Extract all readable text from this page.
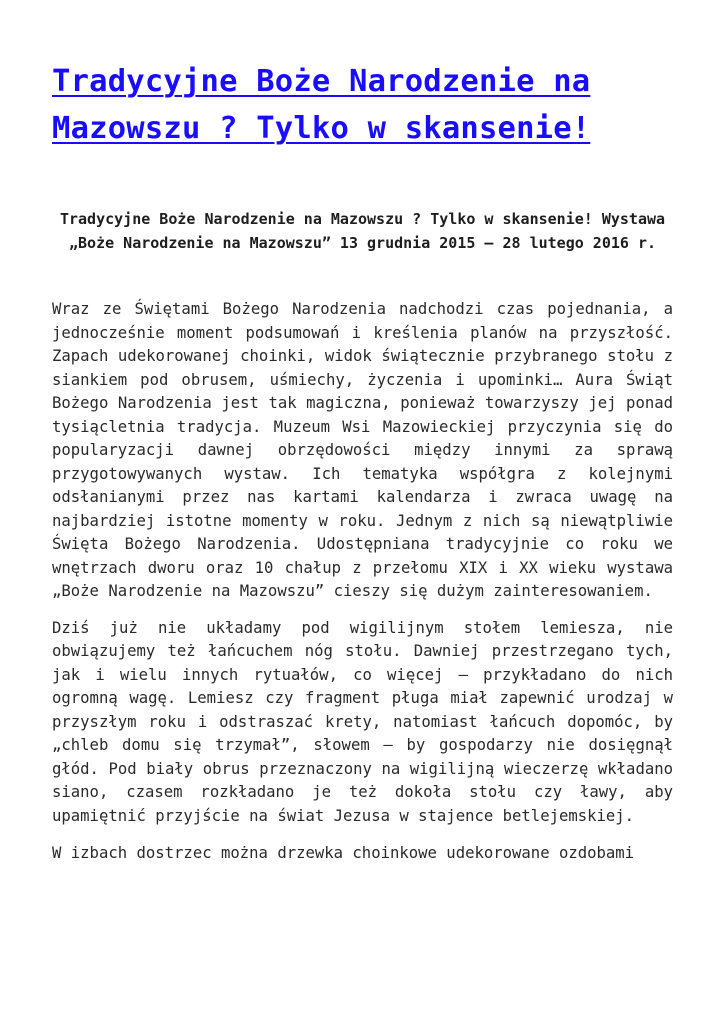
Tradycyjne Boże Narodzenie na Mazowszu ? Tylko w skansenie!
Tradycyjne Boże Narodzenie na Mazowszu ? Tylko w skansenie! Wystawa „Boże Narodzenie na Mazowszu” 13 grudnia 2015 – 28 lutego 2016 r.

Wraz ze Świętami Bożego Narodzenia nadchodzi czas pojednania, a jednocześnie moment podsumowań i kreślenia planów na przyszłość. Zapach udekorowanej choinki, widok świątecznie przybranego stołu z siankiem pod obrusem, uśmiechy, życzenia i upominki… Aura Świąt Bożego Narodzenia jest tak magiczna, ponieważ towarzyszy jej ponad tysiącletnia tradycja. Muzeum Wsi Mazowieckiej przyczynia się do popularyzacji dawnej obrzędowości między innymi za sprawą przygotowywanych wystaw. Ich tematyka współgra z kolejnymi odsłanianymi przez nas kartami kalendarza i zwraca uwagę na najbardziej istotne momenty w roku. Jednym z nich są niewątpliwie Święta Bożego Narodzenia. Udostępniana tradycyjnie co roku we wnętrzach dworu oraz 10 chałup z przełomu XIX i XX wieku wystawa „Boże Narodzenie na Mazowszu” cieszy się dużym zainteresowaniem.

Dziś już nie układamy pod wigilijnym stołem lemiesza, nie obwiązujemy też łańcuchem nóg stołu. Dawniej przestrzegano tych, jak i wielu innych rytuałów, co więcej – przykładano do nich ogromną wagę. Lemiesz czy fragment pługa miał zapewnić urodzaj w przyszłym roku i odstraszać krety, natomiast łańcuch dopomóc, by „chleb domu się trzymał”, słowem – by gospodarzy nie dosięgnął głód. Pod biały obrus przeznaczony na wigilijną wieczerzę wkładano siano, czasem rozkładano je też dokoła stołu czy ławy, aby upamiętnić przyjście na świat Jezusa w stajence betlejemskiej.

W izbach dostrzec można drzewka choinkowe udekorowane ozdobami
